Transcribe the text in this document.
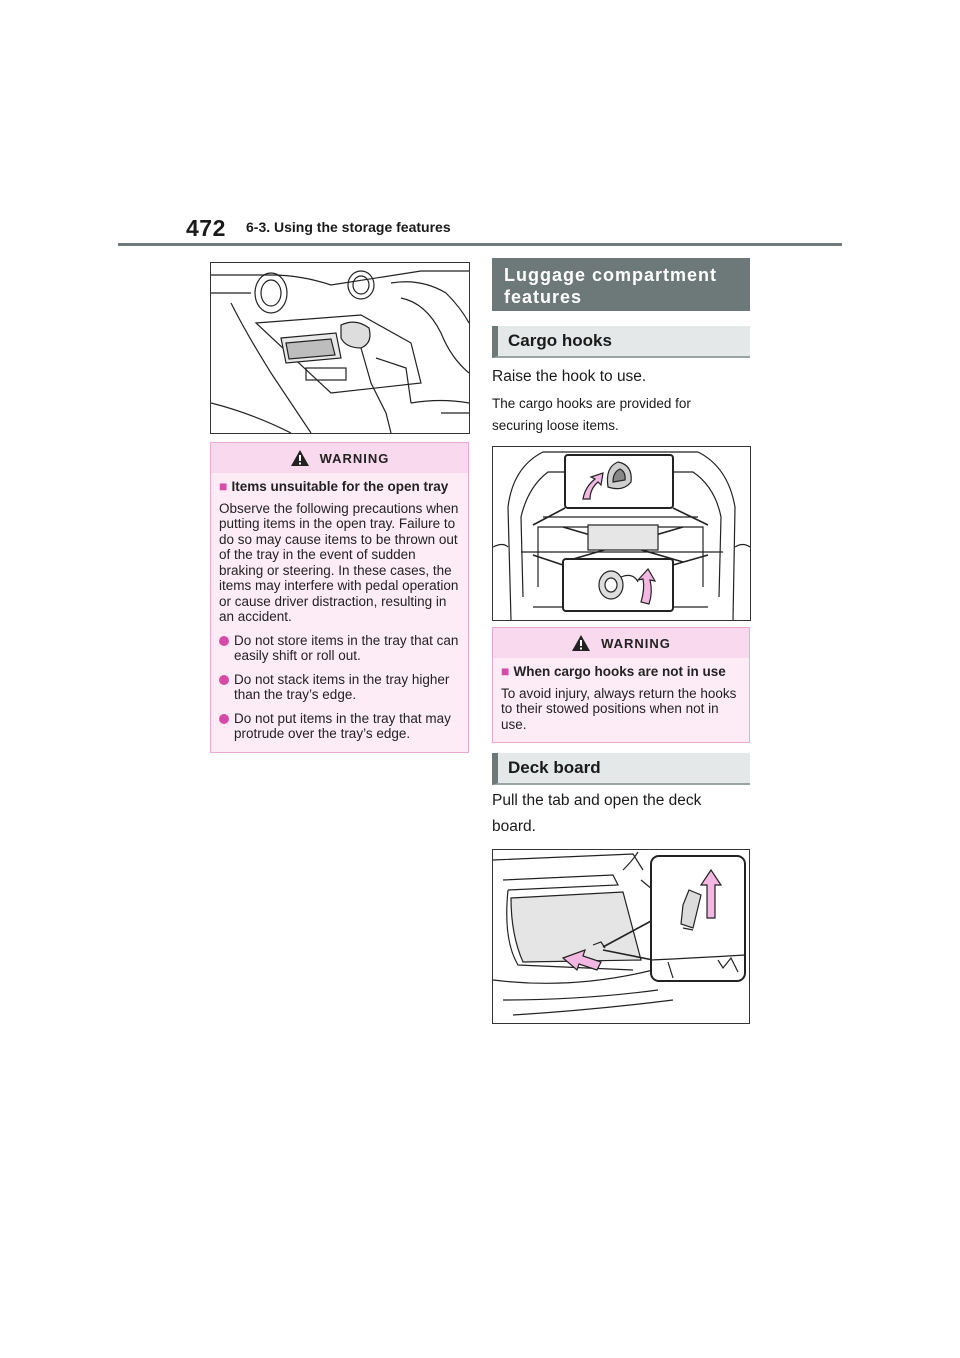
472 6-3. Using the storage features
WARNING
■ Items unsuitable for the open tray
Observe the following precautions when putting items in the open tray. Failure to do so may cause items to be thrown out of the tray in the event of sudden braking or steering. In these cases, the items may interfere with pedal operation or cause driver distraction, resulting in an accident.
Do not store items in the tray that can easily shift or roll out.
Do not stack items in the tray higher than the tray’s edge.
Do not put items in the tray that may protrude over the tray’s edge.
Luggage compartment features
Cargo hooks
Raise the hook to use.
The cargo hooks are provided for securing loose items.
WARNING
■ When cargo hooks are not in use
To avoid injury, always return the hooks to their stowed positions when not in use.
Deck board
Pull the tab and open the deck board.
